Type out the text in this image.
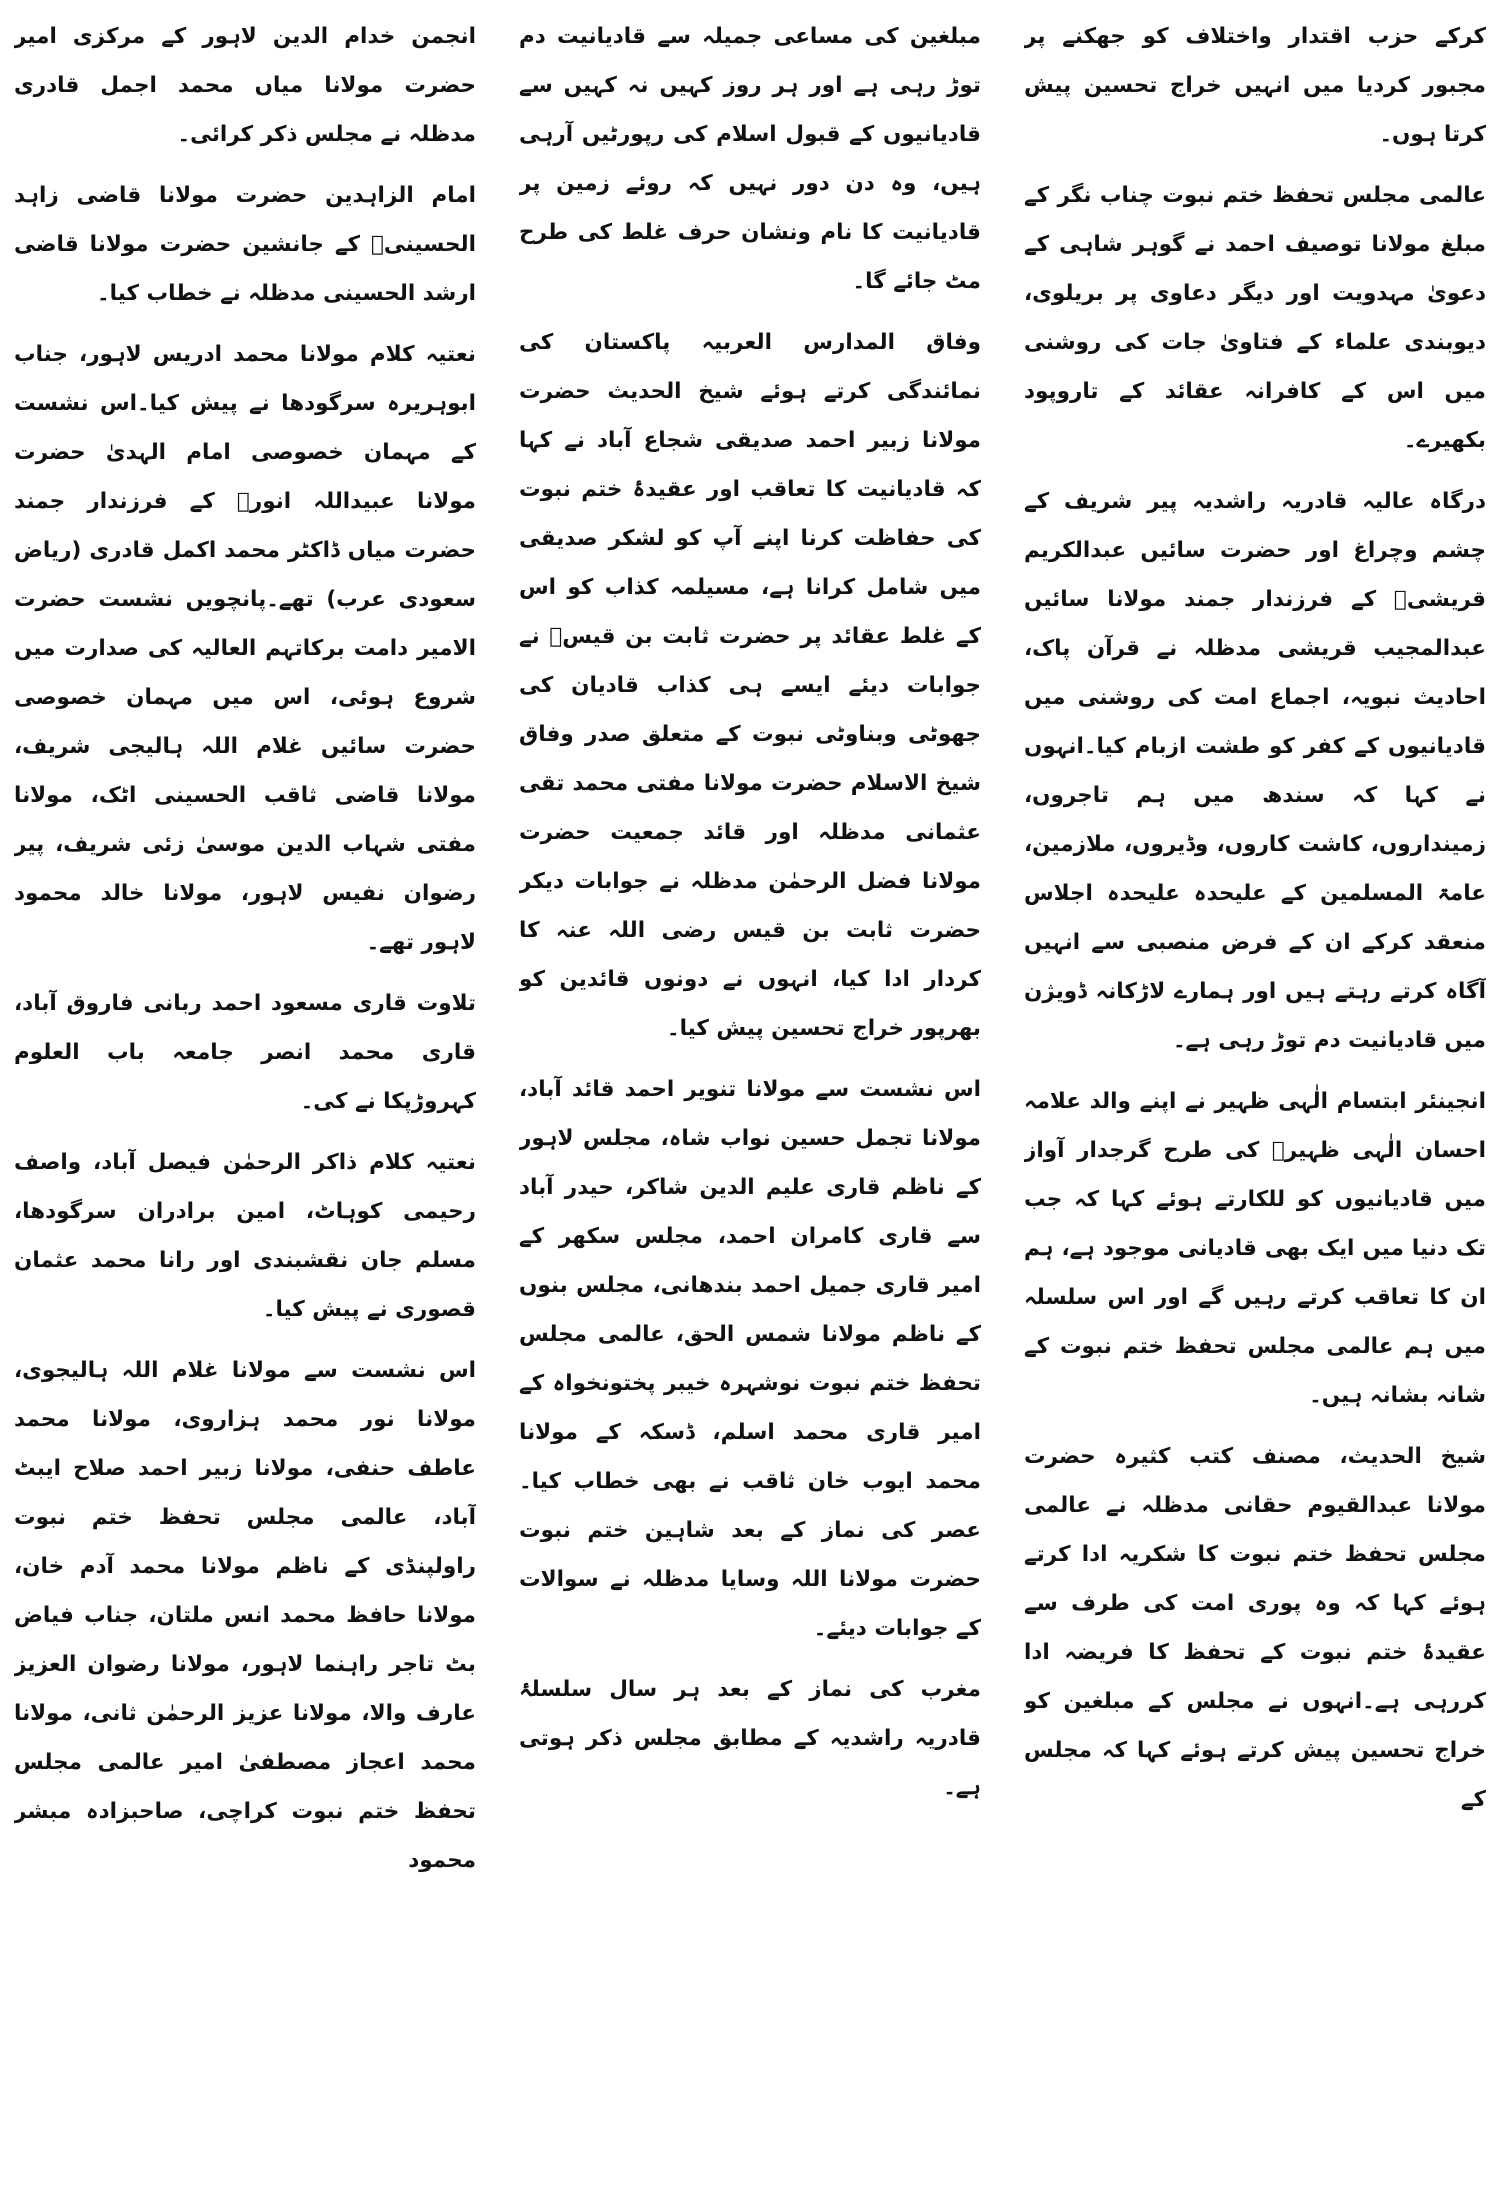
کرکے حزب اقتدار واختلاف کو جھکنے پر مجبور کردیا میں انہیں خراج تحسین پیش کرتا ہوں۔

عالمی مجلس تحفظ ختم نبوت چناب نگر کے مبلغ مولانا توصیف احمد نے گوہر شاہی کے دعویٰ مہدویت اور دیگر دعاوی پر بریلوی، دیوبندی علماء کے فتاویٰ جات کی روشنی میں اس کے کافرانہ عقائد کے تاروپود بکھیرے۔

درگاہ عالیہ قادریہ راشدیہ پیر شریف کے چشم وچراغ اور حضرت سائیں عبدالکریم قریشیؒ کے فرزندار جمند مولانا سائیں عبدالمجیب قریشی مدظلہ نے قرآن پاک، احادیث نبویہ، اجماع امت کی روشنی میں قادیانیوں کے کفر کو طشت ازبام کیا۔انہوں نے کہا کہ سندھ میں ہم تاجروں، زمینداروں، کاشت کاروں، وڈیروں، ملازمین، عامۃ المسلمین کے علیحدہ علیحدہ اجلاس منعقد کرکے ان کے فرض منصبی سے انہیں آگاہ کرتے رہتے ہیں اور ہمارے لاڑکانہ ڈویژن میں قادیانیت دم توڑ رہی ہے۔

انجینئر ابتسام الٰہی ظہیر نے اپنے والد علامہ احسان الٰہی ظہیرؒ کی طرح گرجدار آواز میں قادیانیوں کو للکارتے ہوئے کہا کہ جب تک دنیا میں ایک بھی قادیانی موجود ہے، ہم ان کا تعاقب کرتے رہیں گے اور اس سلسلہ میں ہم عالمی مجلس تحفظ ختم نبوت کے شانہ بشانہ ہیں۔

شیخ الحدیث، مصنف کتب کثیرہ حضرت مولانا عبدالقیوم حقانی مدظلہ نے عالمی مجلس تحفظ ختم نبوت کا شکریہ ادا کرتے ہوئے کہا کہ وہ پوری امت کی طرف سے عقیدۂ ختم نبوت کے تحفظ کا فریضہ ادا کررہی ہے۔انہوں نے مجلس کے مبلغین کو خراج تحسین پیش کرتے ہوئے کہا کہ مجلس کے

مبلغین کی مساعی جمیلہ سے قادیانیت دم توڑ رہی ہے اور ہر روز کہیں نہ کہیں سے قادیانیوں کے قبول اسلام کی رپورٹیں آرہی ہیں، وہ دن دور نہیں کہ روئے زمین پر قادیانیت کا نام ونشان حرف غلط کی طرح مٹ جائے گا۔

وفاق المدارس العربیہ پاکستان کی نمائندگی کرتے ہوئے شیخ الحدیث حضرت مولانا زبیر احمد صدیقی شجاع آباد نے کہا کہ قادیانیت کا تعاقب اور عقیدۂ ختم نبوت کی حفاظت کرنا اپنے آپ کو لشکر صدیقی میں شامل کرانا ہے، مسیلمہ کذاب کو اس کے غلط عقائد پر حضرت ثابت بن قیسؓ نے جوابات دیئے ایسے ہی کذاب قادیان کی جھوٹی وبناوٹی نبوت کے متعلق صدر وفاق شیخ الاسلام حضرت مولانا مفتی محمد تقی عثمانی مدظلہ اور قائد جمعیت حضرت مولانا فضل الرحمٰن مدظلہ نے جوابات دیکر حضرت ثابت بن قیس رضی اللہ عنہ کا کردار ادا کیا، انہوں نے دونوں قائدین کو بھرپور خراج تحسین پیش کیا۔

اس نشست سے مولانا تنویر احمد قائد آباد، مولانا تجمل حسین نواب شاہ، مجلس لاہور کے ناظم قاری علیم الدین شاکر، حیدر آباد سے قاری کامران احمد، مجلس سکھر کے امیر قاری جمیل احمد بندھانی، مجلس بنوں کے ناظم مولانا شمس الحق، عالمی مجلس تحفظ ختم نبوت نوشہرہ خیبر پختونخواہ کے امیر قاری محمد اسلم، ڈسکہ کے مولانا محمد ایوب خان ثاقب نے بھی خطاب کیا۔عصر کی نماز کے بعد شاہین ختم نبوت حضرت مولانا اللہ وسایا مدظلہ نے سوالات کے جوابات دیئے۔

مغرب کی نماز کے بعد ہر سال سلسلۂ قادریہ راشدیہ کے مطابق مجلس ذکر ہوتی ہے۔

انجمن خدام الدین لاہور کے مرکزی امیر حضرت مولانا میاں محمد اجمل قادری مدظلہ نے مجلس ذکر کرائی۔

امام الزاہدین حضرت مولانا قاضی زاہد الحسینیؒ کے جانشین حضرت مولانا قاضی ارشد الحسینی مدظلہ نے خطاب کیا۔

نعتیہ کلام مولانا محمد ادریس لاہور، جناب ابوہریرہ سرگودھا نے پیش کیا۔اس نشست کے مہمان خصوصی امام الہدیٰ حضرت مولانا عبیداللہ انورؒ کے فرزندار جمند حضرت میاں ڈاکٹر محمد اکمل قادری (ریاض سعودی عرب) تھے۔پانچویں نشست حضرت الامیر دامت برکاتہم العالیہ کی صدارت میں شروع ہوئی، اس میں مہمان خصوصی حضرت سائیں غلام اللہ ہالیجی شریف، مولانا قاضی ثاقب الحسینی اٹک، مولانا مفتی شہاب الدین موسیٰ زئی شریف، پیر رضوان نفیس لاہور، مولانا خالد محمود لاہور تھے۔

تلاوت قاری مسعود احمد ربانی فاروق آباد، قاری محمد انصر جامعہ باب العلوم کہروڑپکا نے کی۔

نعتیہ کلام ذاکر الرحمٰن فیصل آباد، واصف رحیمی کوہاٹ، امین برادران سرگودھا، مسلم جان نقشبندی اور رانا محمد عثمان قصوری نے پیش کیا۔

اس نشست سے مولانا غلام اللہ ہالیجوی، مولانا نور محمد ہزاروی، مولانا محمد عاطف حنفی، مولانا زبیر احمد صلاح ایبٹ آباد، عالمی مجلس تحفظ ختم نبوت راولپنڈی کے ناظم مولانا محمد آدم خان، مولانا حافظ محمد انس ملتان، جناب فیاض بٹ تاجر راہنما لاہور، مولانا رضوان العزیز عارف والا، مولانا عزیز الرحمٰن ثانی، مولانا محمد اعجاز مصطفیٰ امیر عالمی مجلس تحفظ ختم نبوت کراچی، صاحبزادہ مبشر محمود
